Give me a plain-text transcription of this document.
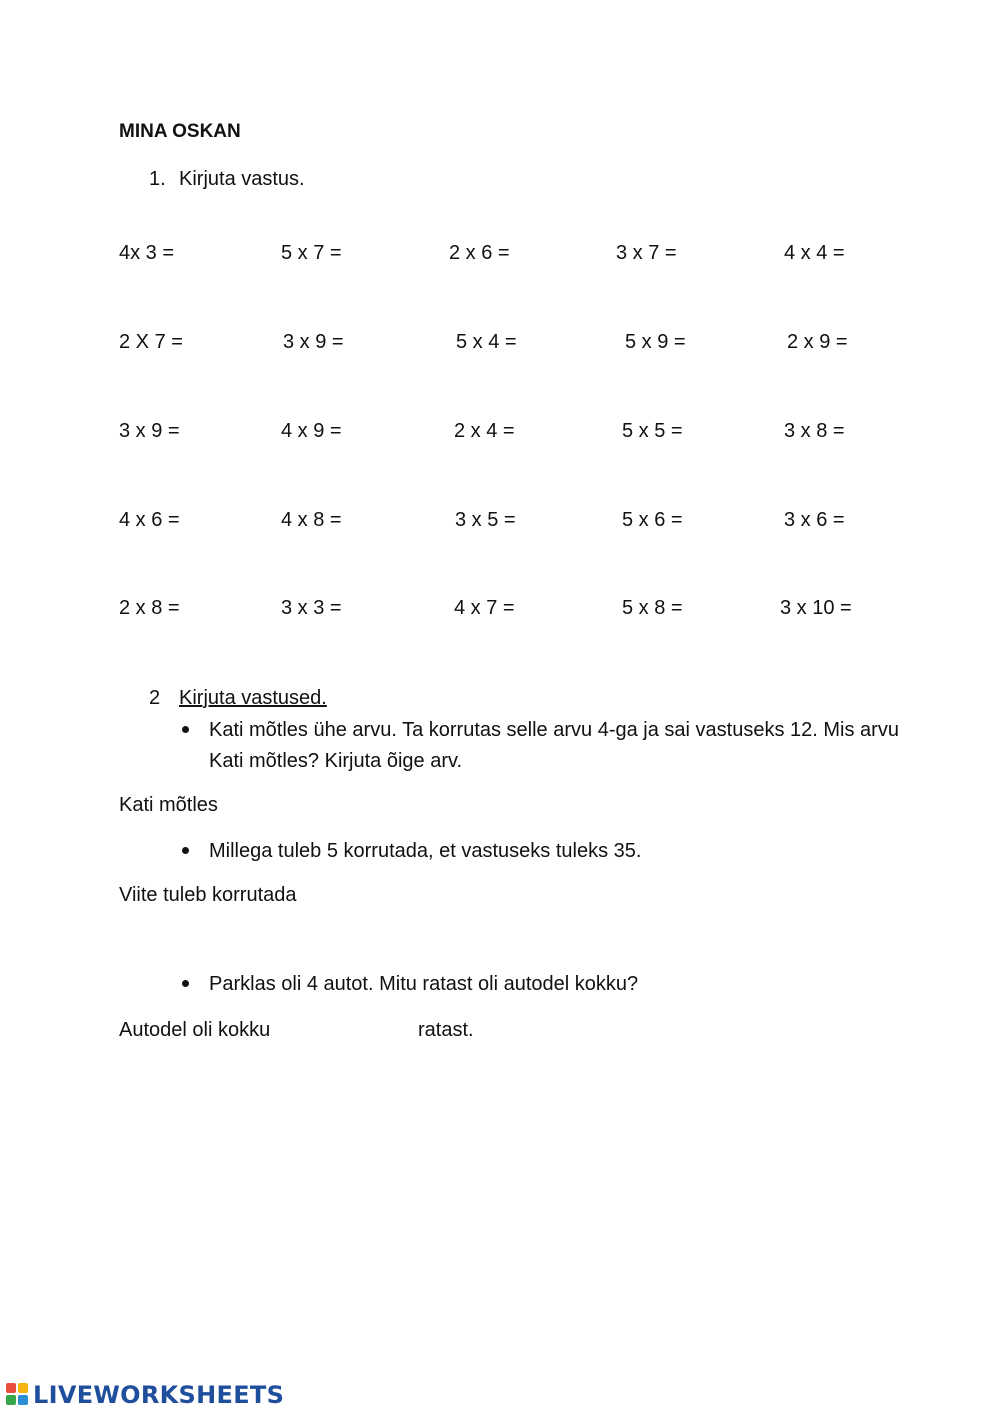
MINA OSKAN
1. Kirjuta vastus.
4x 3 =	5 x 7 =	2 x 6 =	3 x 7 =	4 x 4 =
2 X 7 =	3 x 9 =	5 x 4 =	5 x 9 =	2 x 9 =
3 x 9 =	4 x 9 =	2 x 4 =	5 x 5 =	3 x 8 =
4 x 6 =	4 x 8 =	3 x 5 =	5 x 6 =	3 x 6 =
2 x 8 =	3 x 3 =	4 x 7 =	5 x 8 =	3 x 10 =
2 Kirjuta vastused.
Kati mõtles ühe arvu. Ta korrutas selle arvu 4-ga ja sai vastuseks 12. Mis arvu
Kati mõtles? Kirjuta õige arv.
Kati mõtles
Millega tuleb 5 korrutada, et vastuseks tuleks 35.
Viite tuleb korrutada
Parklas oli 4 autot. Mitu ratast oli autodel kokku?
Autodel oli kokku	ratast.
LIVEWORKSHEETS
